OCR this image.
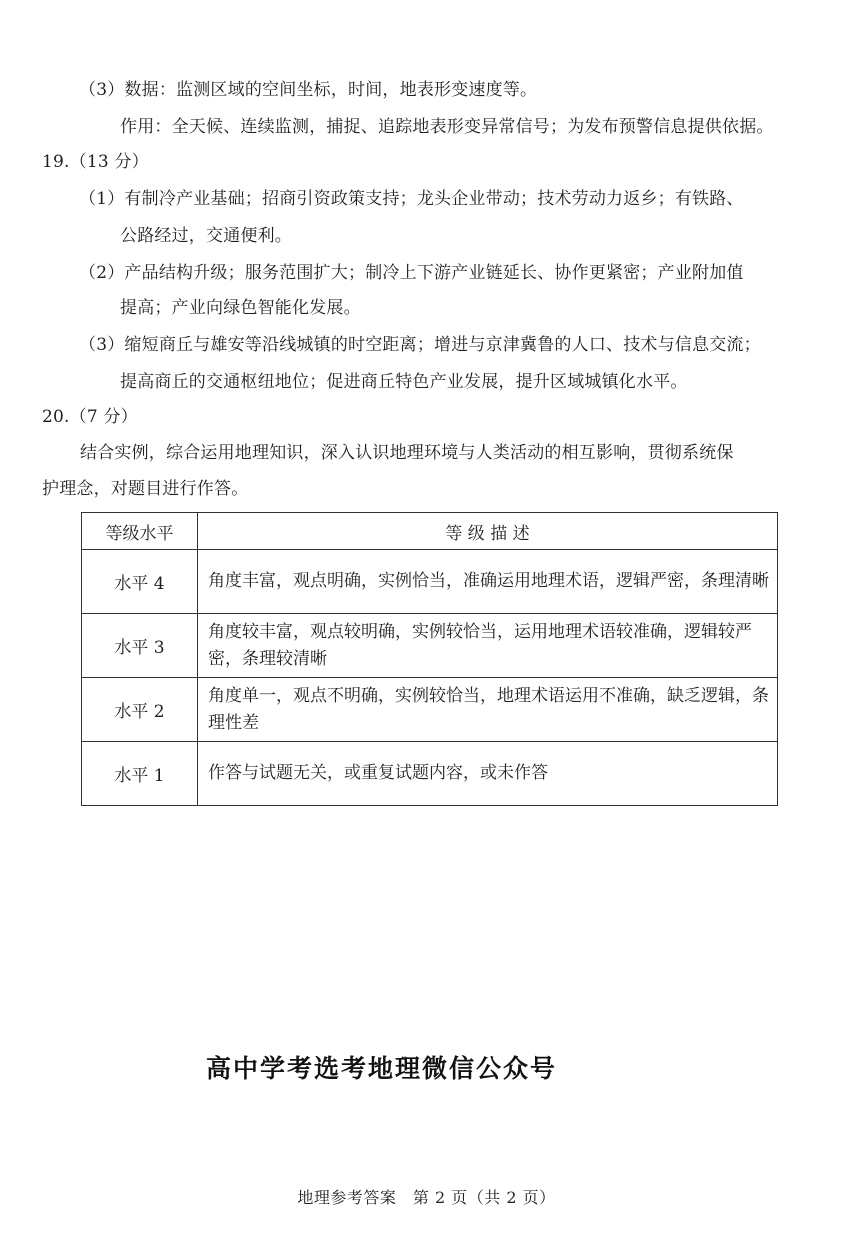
（3）数据：监测区域的空间坐标，时间，地表形变速度等。
作用：全天候、连续监测，捕捉、追踪地表形变异常信号；为发布预警信息提供依据。
19.（13 分）
（1）有制冷产业基础；招商引资政策支持；龙头企业带动；技术劳动力返乡；有铁路、
公路经过，交通便利。
（2）产品结构升级；服务范围扩大；制冷上下游产业链延长、协作更紧密；产业附加值
提高；产业向绿色智能化发展。
（3）缩短商丘与雄安等沿线城镇的时空距离；增进与京津冀鲁的人口、技术与信息交流；
提高商丘的交通枢纽地位；促进商丘特色产业发展，提升区域城镇化水平。
20.（7 分）
结合实例，综合运用地理知识，深入认识地理环境与人类活动的相互影响，贯彻系统保
护理念，对题目进行作答。
等级水平	等 级 描 述
水平 4	角度丰富，观点明确，实例恰当，准确运用地理术语，逻辑严密，条理清晰
水平 3	角度较丰富，观点较明确，实例较恰当，运用地理术语较准确，逻辑较严密，条理较清晰
水平 2	角度单一，观点不明确，实例较恰当，地理术语运用不准确，缺乏逻辑，条理性差
水平 1	作答与试题无关，或重复试题内容，或未作答
高中学考选考地理微信公众号
地理参考答案　第 2 页（共 2 页）
